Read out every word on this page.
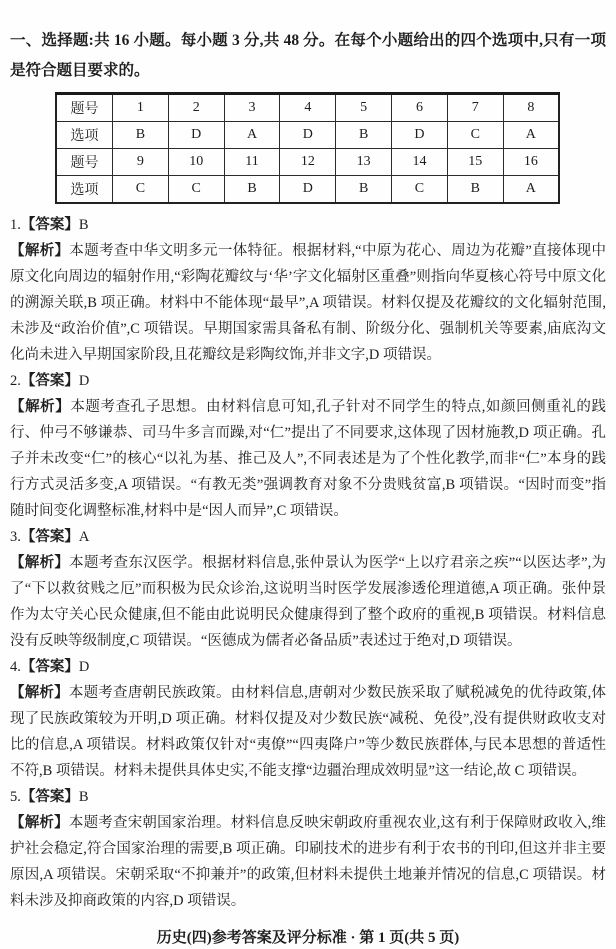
一、选择题:共 16 小题。每小题 3 分,共 48 分。在每个小题给出的四个选项中,只有一项是符合题目要求的。

题号	1	2	3	4	5	6	7	8
选项	B	D	A	D	B	D	C	A
题号	9	10	11	12	13	14	15	16
选项	C	C	B	D	B	C	B	A

1.【答案】B

【解析】本题考查中华文明多元一体特征。根据材料,“中原为花心、周边为花瓣”直接体现中原文化向周边的辐射作用,“彩陶花瓣纹与‘华’字文化辐射区重叠”则指向华夏核心符号中原文化的溯源关联,B 项正确。材料中不能体现“最早”,A 项错误。材料仅提及花瓣纹的文化辐射范围,未涉及“政治价值”,C 项错误。早期国家需具备私有制、阶级分化、强制机关等要素,庙底沟文化尚未进入早期国家阶段,且花瓣纹是彩陶纹饰,并非文字,D 项错误。

2.【答案】D

【解析】本题考查孔子思想。由材料信息可知,孔子针对不同学生的特点,如颜回侧重礼的践行、仲弓不够谦恭、司马牛多言而躁,对“仁”提出了不同要求,这体现了因材施教,D 项正确。孔子并未改变“仁”的核心“以礼为基、推己及人”,不同表述是为了个性化教学,而非“仁”本身的践行方式灵活多变,A 项错误。“有教无类”强调教育对象不分贵贱贫富,B 项错误。“因时而变”指随时间变化调整标准,材料中是“因人而异”,C 项错误。

3.【答案】A

【解析】本题考查东汉医学。根据材料信息,张仲景认为医学“上以疗君亲之疾”“以医达孝”,为了“下以救贫贱之厄”而积极为民众诊治,这说明当时医学发展渗透伦理道德,A 项正确。张仲景作为太守关心民众健康,但不能由此说明民众健康得到了整个政府的重视,B 项错误。材料信息没有反映等级制度,C 项错误。“医德成为儒者必备品质”表述过于绝对,D 项错误。

4.【答案】D

【解析】本题考查唐朝民族政策。由材料信息,唐朝对少数民族采取了赋税减免的优待政策,体现了民族政策较为开明,D 项正确。材料仅提及对少数民族“减税、免役”,没有提供财政收支对比的信息,A 项错误。材料政策仅针对“夷僚”“四夷降户”等少数民族群体,与民本思想的普适性不符,B 项错误。材料未提供具体史实,不能支撑“边疆治理成效明显”这一结论,故 C 项错误。

5.【答案】B

【解析】本题考查宋朝国家治理。材料信息反映宋朝政府重视农业,这有利于保障财政收入,维护社会稳定,符合国家治理的需要,B 项正确。印刷技术的进步有利于农书的刊印,但这并非主要原因,A 项错误。宋朝采取“不抑兼并”的政策,但材料未提供土地兼并情况的信息,C 项错误。材料未涉及抑商政策的内容,D 项错误。

历史(四)参考答案及评分标准 · 第 1 页(共 5 页)
